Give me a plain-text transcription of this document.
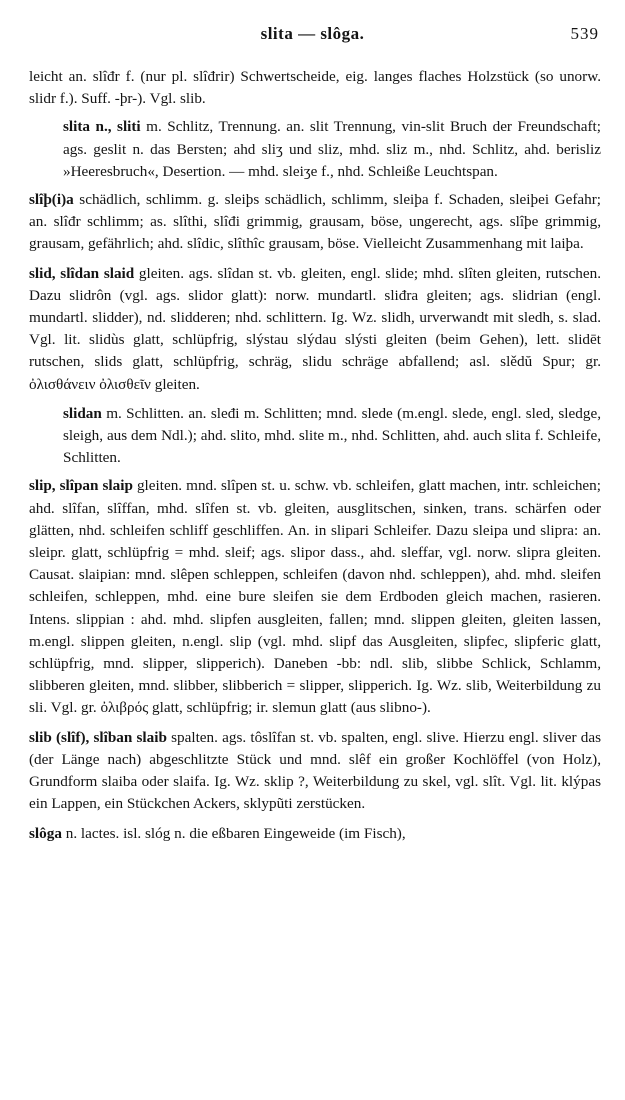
slita — slôga.	539

leicht an. slîđr f. (nur pl. slîđrir) Schwertscheide, eig. langes flaches Holzstück (so unorw. slidr f.). Suff. -þr-). Vgl. slib.

slita n., sliti m. Schlitz, Trennung. an. slit Trennung, vin-slit Bruch der Freundschaft; ags. geslit n. das Bersten; ahd sliʒ und sliz, mhd. sliz m., nhd. Schlitz, ahd. berisliz »Heeresbruch«, Desertion. — mhd. sleiʒe f., nhd. Schleiße Leuchtspan.

slîþ(i)a schädlich, schlimm. g. sleiþs schädlich, schlimm, sleiþa f. Schaden, sleiþei Gefahr; an. slîđr schlimm; as. slîthi, slîđi grimmig, grausam, böse, ungerecht, ags. slîþe grimmig, grausam, gefährlich; ahd. slîdic, slîthîc grausam, böse. Vielleicht Zusammenhang mit laiþa.

slid, slîdan slaid gleiten. ags. slîdan st. vb. gleiten, engl. slide; mhd. slîten gleiten, rutschen. Dazu slidrôn (vgl. ags. slidor glatt): norw. mundartl. sliđra gleiten; ags. slidrian (engl. mundartl. slidder), nd. slidderen; nhd. schlittern. Ig. Wz. slidh, urverwandt mit sledh, s. slad. Vgl. lit. slidùs glatt, schlüpfrig, slýstau slýdau slýsti gleiten (beim Gehen), lett. slidēt rutschen, slids glatt, schlüpfrig, schräg, slidu schräge abfallend; asl. slědŭ Spur; gr. ὀλισθάνειν ὀλισθεῖν gleiten.

slidan m. Schlitten. an. sleđi m. Schlitten; mnd. slede (m.engl. slede, engl. sled, sledge, sleigh, aus dem Ndl.); ahd. slito, mhd. slite m., nhd. Schlitten, ahd. auch slita f. Schleife, Schlitten.

slip, slîpan slaip gleiten. mnd. slîpen st. u. schw. vb. schleifen, glatt machen, intr. schleichen; ahd. slîfan, slîffan, mhd. slîfen st. vb. gleiten, ausglitschen, sinken, trans. schärfen oder glätten, nhd. schleifen schliff geschliffen. An. in slipari Schleifer. Dazu sleipa und slipra: an. sleipr. glatt, schlüpfrig = mhd. sleif; ags. slipor dass., ahd. sleffar, vgl. norw. slipra gleiten. Causat. slaipian: mnd. slêpen schleppen, schleifen (davon nhd. schleppen), ahd. mhd. sleifen schleifen, schleppen, mhd. eine bure sleifen sie dem Erdboden gleich machen, rasieren. Intens. slippian : ahd. mhd. slipfen ausgleiten, fallen; mnd. slippen gleiten, gleiten lassen, m.engl. slippen gleiten, n.engl. slip (vgl. mhd. slipf das Ausgleiten, slipfec, slipferic glatt, schlüpfrig, mnd. slipper, slipperich). Daneben -bb: ndl. slib, slibbe Schlick, Schlamm, slibberen gleiten, mnd. slibber, slibberich = slipper, slipperich. Ig. Wz. slib, Weiterbildung zu sli. Vgl. gr. ὀλιβρός glatt, schlüpfrig; ir. slemun glatt (aus slibno-).

slib (slîf), slîban slaib spalten. ags. tôslîfan st. vb. spalten, engl. slive. Hierzu engl. sliver das (der Länge nach) abgeschlitzte Stück und mnd. slêf ein großer Kochlöffel (von Holz), Grundform slaiba oder slaifa. Ig. Wz. sklip ?, Weiterbildung zu skel, vgl. slît. Vgl. lit. klýpas ein Lappen, ein Stückchen Ackers, sklypũti zerstücken.

slôga n. lactes. isl. slóg n. die eßbaren Eingeweide (im Fisch),
